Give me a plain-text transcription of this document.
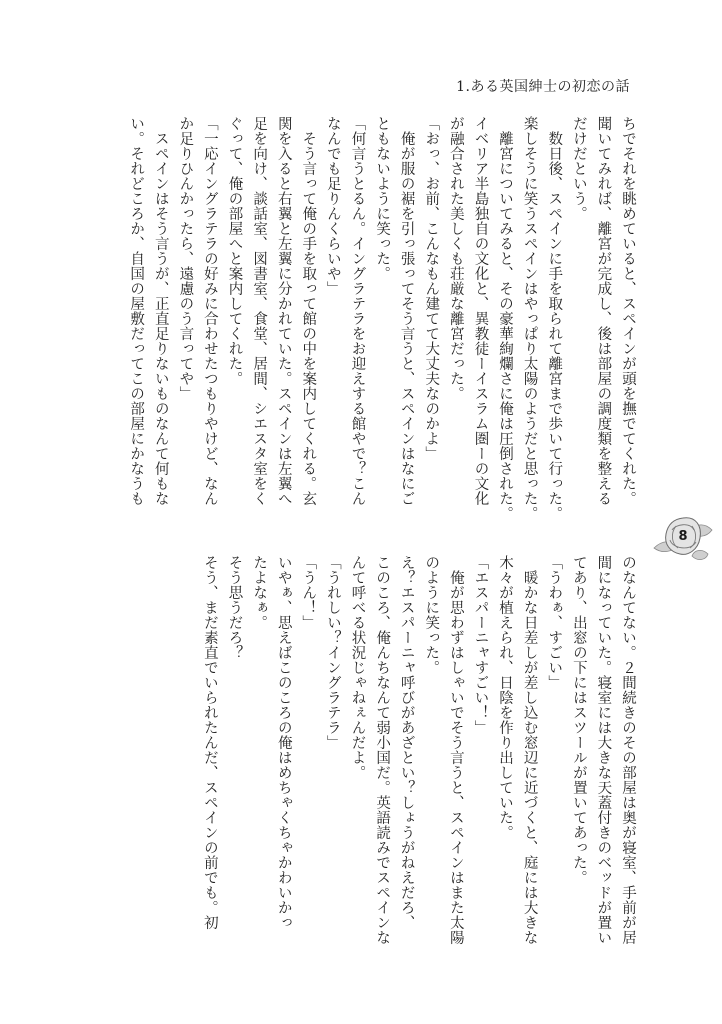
1.ある英国紳士の初恋の話
ちでそれを眺めていると、スペインが頭を撫でてくれた。
聞いてみれば、離宮が完成し、後は部屋の調度類を整える
だけだという。
　数日後、スペインに手を取られて離宮まで歩いて行った。
楽しそうに笑うスペインはやっぱり太陽のようだと思った。
　離宮についてみると、その豪華絢爛さに俺は圧倒された。
イベリア半島独自の文化と、異教徒ーイスラム圏ーの文化
が融合された美しくも荘厳な離宮だった。
「おっ、お前、こんなもん建てて大丈夫なのかよ」
　俺が服の裾を引っ張ってそう言うと、スペインはなにご
ともないように笑った。
「何言うとるん。イングラテラをお迎えする館やで？こん
なんでも足りんくらいや」
　そう言って俺の手を取って館の中を案内してくれる。玄
関を入ると右翼と左翼に分かれていた。スペインは左翼へ
足を向け、談話室、図書室、食堂、居間、シエスタ室をく
ぐって、俺の部屋へと案内してくれた。
「一応イングラテラの好みに合わせたつもりやけど、なん
か足りひんかったら、遠慮のう言ってや」
　スペインはそう言うが、正直足りないものなんて何もな
い。それどころか、自国の屋敷だってこの部屋にかなうも
8
のなんてない。２間続きのその部屋は奥が寝室、手前が居
間になっていた。寝室には大きな天蓋付きのベッドが置い
てあり、出窓の下にはスツールが置いてあった。
「うわぁ、すごい」
　暖かな日差しが差し込む窓辺に近づくと、庭には大きな
木々が植えられ、日陰を作り出していた。
「エスパーニャすごい！」
　俺が思わずはしゃいでそう言うと、スペインはまた太陽
のように笑った。
え？エスパーニャ呼びがあざとい？しょうがねえだろ、
このころ、俺んちなんて弱小国だ。英語読みでスペインな
んて呼べる状況じゃねぇんだよ。
「うれしい？イングラテラ」
「うん！」
いやぁ、思えばこのころの俺はめちゃくちゃかわいかっ
たよなぁ。
そう思うだろ？
そう、まだ素直でいられたんだ、スペインの前でも。初
